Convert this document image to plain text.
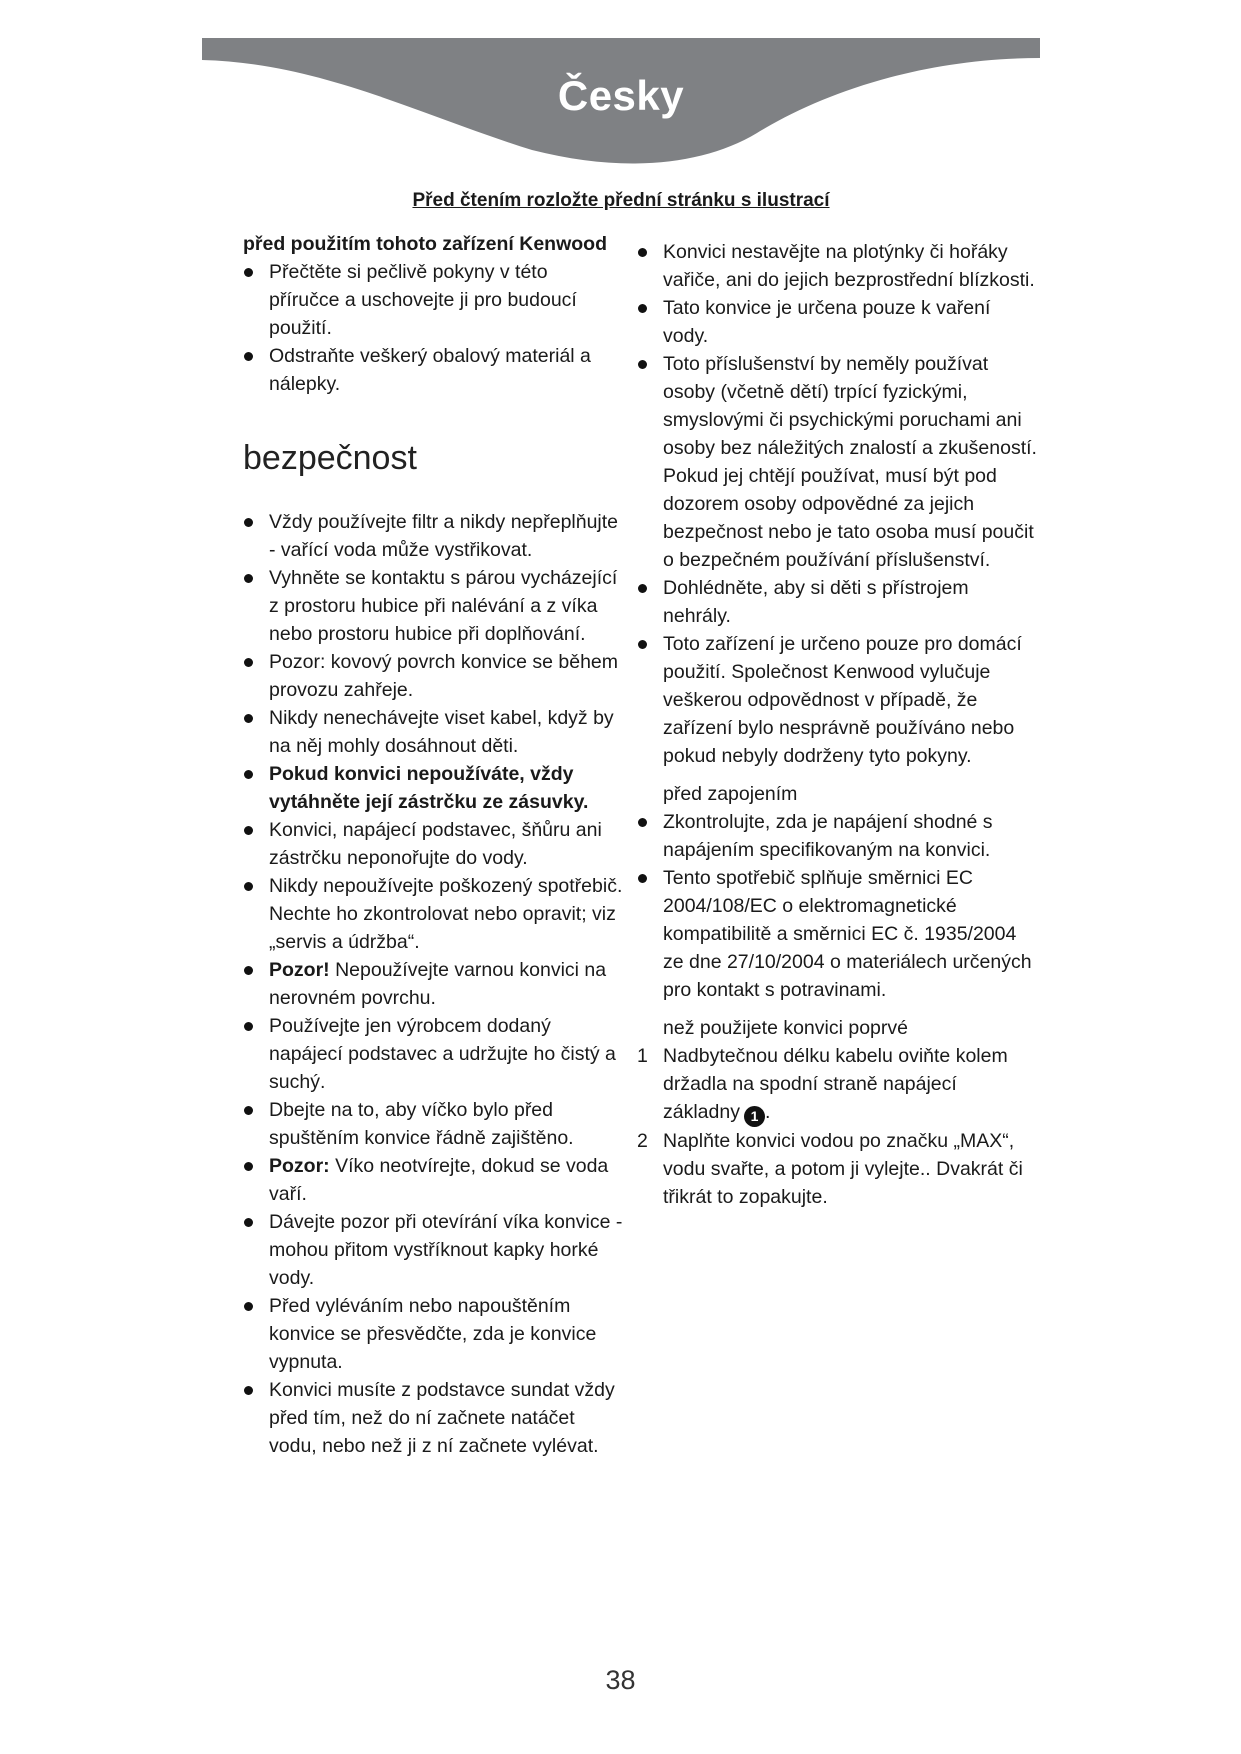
Česky
Před čtením rozložte přední stránku s ilustrací

před použitím tohoto zařízení Kenwood

Přečtěte si pečlivě pokyny v této příručce a uschovejte ji pro budoucí použití.
Odstraňte veškerý obalový materiál a nálepky.

bezpečnost

Vždy používejte filtr a nikdy nepřeplňujte - vařící voda může vystřikovat.
Vyhněte se kontaktu s párou vycházející z prostoru hubice při nalévání a z víka nebo prostoru hubice při doplňování.
Pozor: kovový povrch konvice se během provozu zahřeje.
Nikdy nenechávejte viset kabel, když by na něj mohly dosáhnout děti.
Pokud konvici nepoužíváte, vždy vytáhněte její zástrčku ze zásuvky.
Konvici, napájecí podstavec, šňůru ani zástrčku neponořujte do vody.
Nikdy nepoužívejte poškozený spotřebič. Nechte ho zkontrolovat nebo opravit; viz „servis a údržba“.
Pozor! Nepoužívejte varnou konvici na nerovném povrchu.
Používejte jen výrobcem dodaný napájecí podstavec a udržujte ho čistý a suchý.
Dbejte na to, aby víčko bylo před spuštěním konvice řádně zajištěno.
Pozor: Víko neotvírejte, dokud se voda vaří.
Dávejte pozor při otevírání víka konvice - mohou přitom vystříknout kapky horké vody.
Před vyléváním nebo napouštěním konvice se přesvědčte, zda je konvice vypnuta.
Konvici musíte z podstavce sundat vždy před tím, než do ní začnete natáčet vodu, nebo než ji z ní začnete vylévat.
Konvici nestavějte na plotýnky či hořáky vařiče, ani do jejich bezprostřední blízkosti.
Tato konvice je určena pouze k vaření vody.
Toto příslušenství by neměly používat osoby (včetně dětí) trpící fyzickými, smyslovými či psychickými poruchami ani osoby bez náležitých znalostí a zkušeností. Pokud jej chtějí používat, musí být pod dozorem osoby odpovědné za jejich bezpečnost nebo je tato osoba musí poučit o bezpečném používání příslušenství.
Dohlédněte, aby si děti s přístrojem nehrály.
Toto zařízení je určeno pouze pro domácí použití. Společnost Kenwood vylučuje veškerou odpovědnost v případě, že zařízení bylo nesprávně používáno nebo pokud nebyly dodrženy tyto pokyny.

před zapojením

Zkontrolujte, zda je napájení shodné s napájením specifikovaným na konvici.
Tento spotřebič splňuje směrnici EC 2004/108/EC o elektromagnetické kompatibilitě a směrnici EC č. 1935/2004 ze dne 27/10/2004 o materiálech určených pro kontakt s potravinami.

než použijete konvici poprvé

1 Nadbytečnou délku kabelu oviňte kolem držadla na spodní straně napájecí základny 1 .
2 Naplňte konvici vodou po značku „MAX“, vodu svařte, a potom ji vylejte.. Dvakrát či třikrát to zopakujte.
38
